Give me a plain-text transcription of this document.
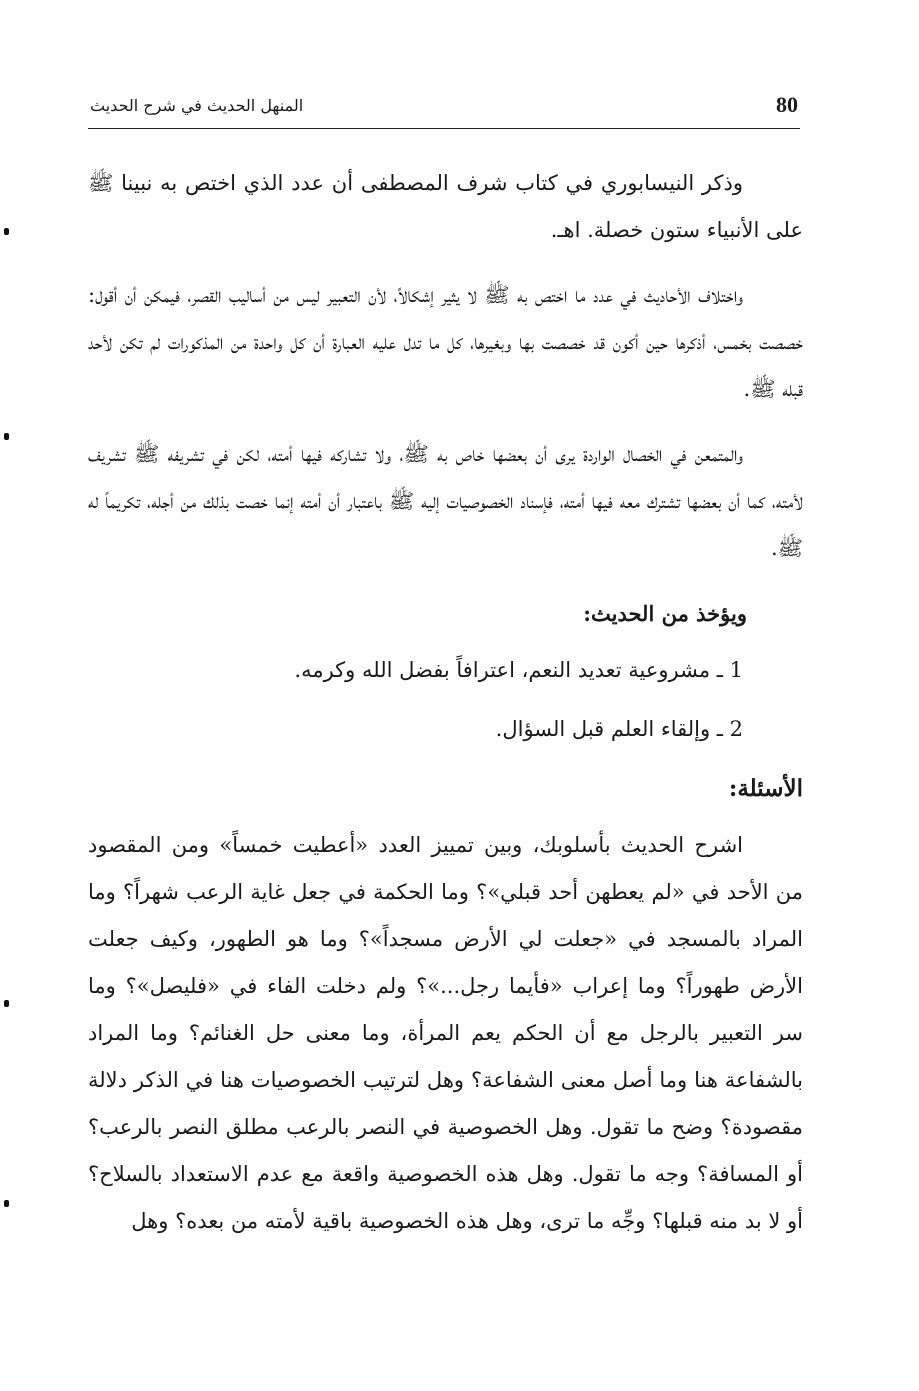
80
المنهل الحديث في شرح الحديث

وذكر النيسابوري في كتاب شرف المصطفى أن عدد الذي اختص به نبينا ﷺ على الأنبياء ستون خصلة. اهـ.

واختلاف الأحاديث في عدد ما اختص به ﷺ لا يثير إشكالاً، لأن التعبير ليس من أساليب القصر، فيمكن أن أقول: خصصت بخمس، أذكرها حين أكون قد خصصت بها وبغيرها، كل ما تدل عليه العبارة أن كل واحدة من المذكورات لم تكن لأحد قبله ﷺ.

والمتمعن في الخصال الواردة يرى أن بعضها خاص به ﷺ، ولا تشاركه فيها أمته، لكن في تشريفه ﷺ تشريف لأمته، كما أن بعضها تشترك معه فيها أمته، فإسناد الخصوصيات إليه ﷺ باعتبار أن أمته إنما خصت بذلك من أجله، تكريماً له ﷺ.

ويؤخذ من الحديث:
1 ـ مشروعية تعديد النعم، اعترافاً بفضل الله وكرمه.
2 ـ وإلقاء العلم قبل السؤال.
الأسئلة:

اشرح الحديث بأسلوبك، وبين تمييز العدد «أعطيت خمساً» ومن المقصود من الأحد في «لم يعطهن أحد قبلي»؟ وما الحكمة في جعل غاية الرعب شهراً؟ وما المراد بالمسجد في «جعلت لي الأرض مسجداً»؟ وما هو الطهور، وكيف جعلت الأرض طهوراً؟ وما إعراب «فأيما رجل...»؟ ولم دخلت الفاء في «فليصل»؟ وما سر التعبير بالرجل مع أن الحكم يعم المرأة، وما معنى حل الغنائم؟ وما المراد بالشفاعة هنا وما أصل معنى الشفاعة؟ وهل لترتيب الخصوصيات هنا في الذكر دلالة مقصودة؟ وضح ما تقول. وهل الخصوصية في النصر بالرعب مطلق النصر بالرعب؟ أو المسافة؟ وجه ما تقول. وهل هذه الخصوصية واقعة مع عدم الاستعداد بالسلاح؟ أو لا بد منه قبلها؟ وجِّه ما ترى، وهل هذه الخصوصية باقية لأمته من بعده؟ وهل
